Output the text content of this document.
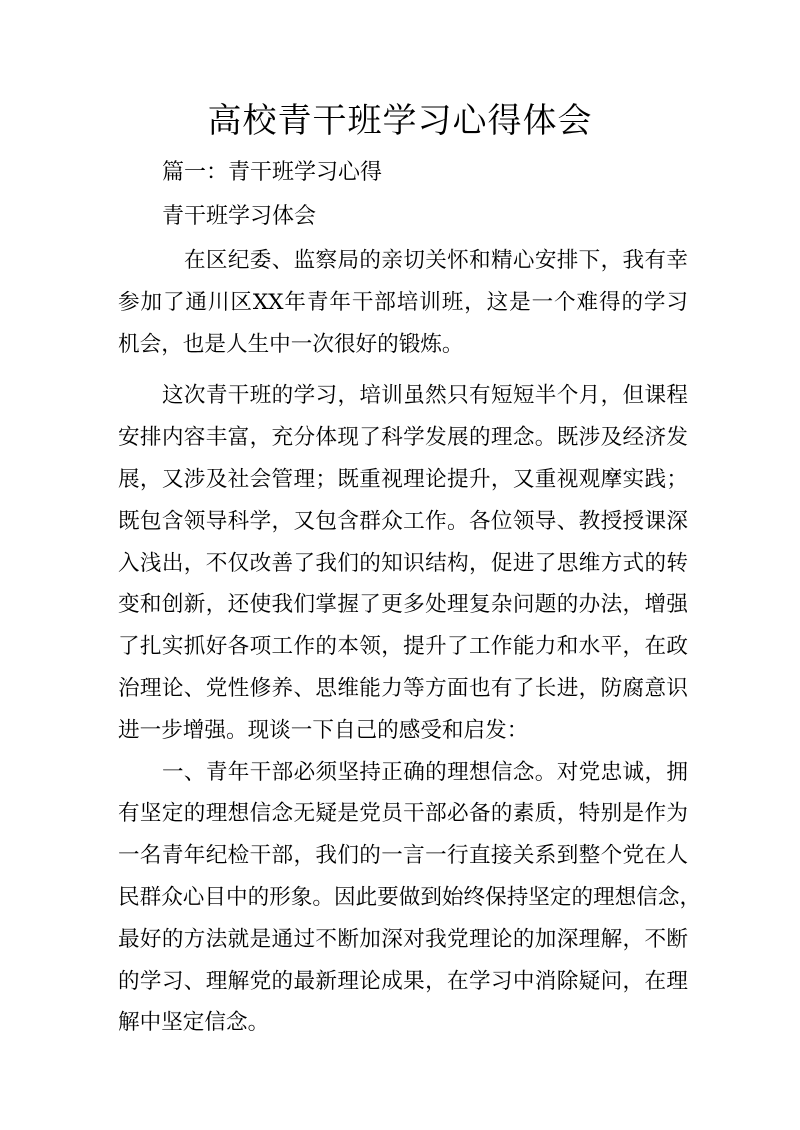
高校青干班学习心得体会

篇一：青干班学习心得

青干班学习体会

在区纪委、监察局的亲切关怀和精心安排下，我有幸
参加了通川区XX年青年干部培训班，这是一个难得的学习
机会，也是人生中一次很好的锻炼。
这次青干班的学习，培训虽然只有短短半个月，但课程
安排内容丰富，充分体现了科学发展的理念。既涉及经济发
展，又涉及社会管理；既重视理论提升，又重视观摩实践；
既包含领导科学，又包含群众工作。各位领导、教授授课深
入浅出，不仅改善了我们的知识结构，促进了思维方式的转
变和创新，还使我们掌握了更多处理复杂问题的办法，增强
了扎实抓好各项工作的本领，提升了工作能力和水平，在政
治理论、党性修养、思维能力等方面也有了长进，防腐意识
进一步增强。现谈一下自己的感受和启发：
一、青年干部必须坚持正确的理想信念。对党忠诚，拥
有坚定的理想信念无疑是党员干部必备的素质，特别是作为
一名青年纪检干部，我们的一言一行直接关系到整个党在人
民群众心目中的形象。因此要做到始终保持坚定的理想信念，
最好的方法就是通过不断加深对我党理论的加深理解，不断
的学习、理解党的最新理论成果，在学习中消除疑问，在理
解中坚定信念。
